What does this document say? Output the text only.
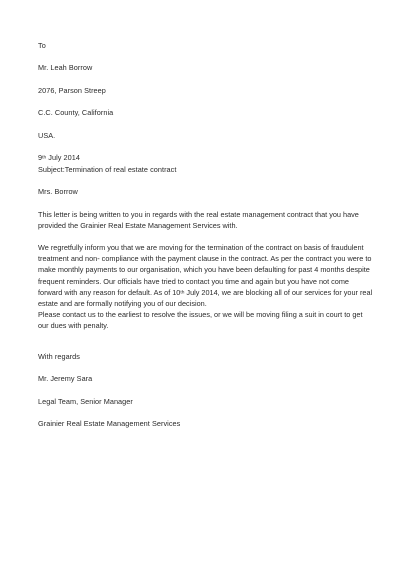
To
Mr. Leah Borrow
2076, Parson Streep
C.C. County, California
USA.
9th July 2014
Subject:Termination of real estate contract
Mrs. Borrow
This letter is being written to you in regards with the real estate management contract that you have
provided the Grainier Real Estate Management Services with.
We regretfully inform you that we are moving for the termination of the contract on basis of fraudulent
treatment and non- compliance with the payment clause in the contract. As per the contract you were to
make monthly payments to our organisation, which you have been defaulting for past 4 months despite
frequent reminders. Our officials have tried to contact you time and again but you have not come
forward with any reason for default. As of 10th July 2014, we are blocking all of our services for your real
estate and are formally notifying you of our decision.
Please contact us to the earliest to resolve the issues, or we will be moving filing a suit in court to get
our dues with penalty.
With regards
Mr. Jeremy Sara
Legal Team, Senior Manager
Grainier Real Estate Management Services
